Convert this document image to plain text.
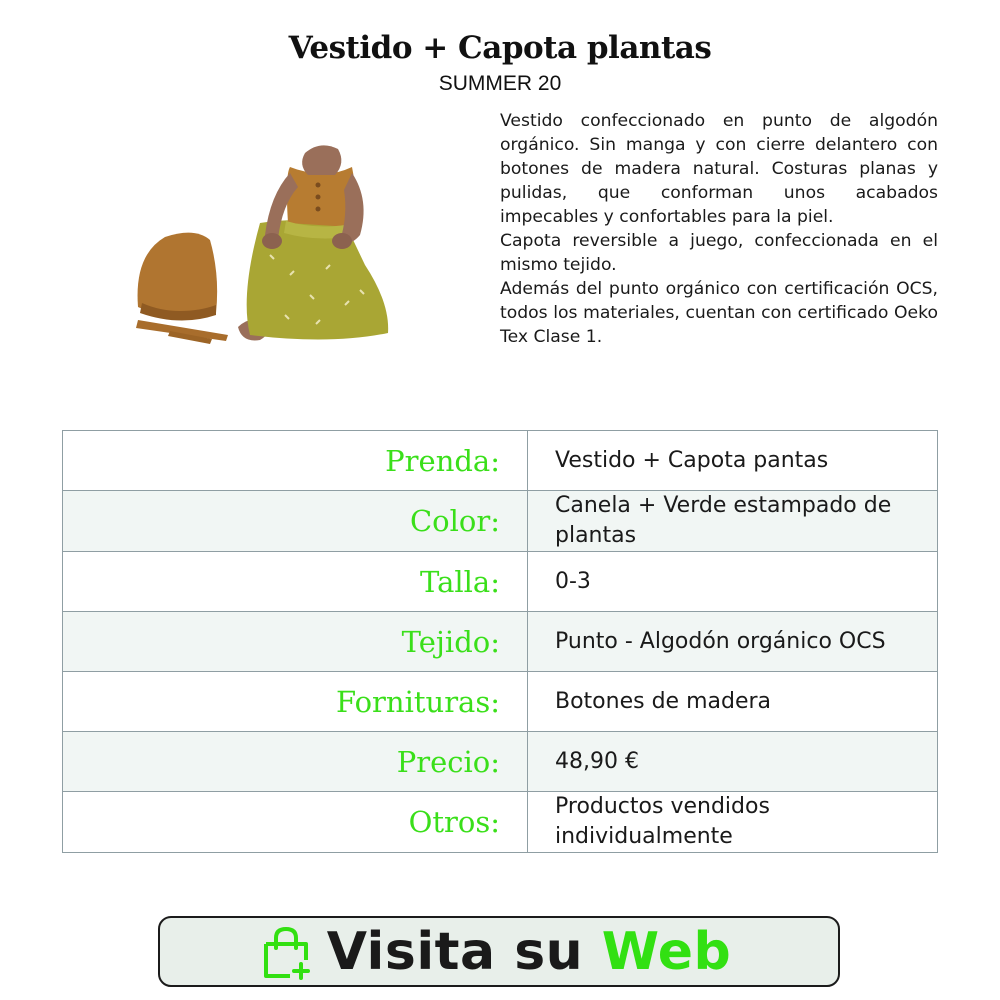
Vestido + Capota plantas
SUMMER 20

Vestido confeccionado en punto de algodón orgánico. Sin manga y con cierre delantero con botones de madera natural. Costuras planas y pulidas, que conforman unos acabados impecables y confortables para la piel.

Capota reversible a juego, confeccionada en el mismo tejido.

Además del punto orgánico con certificación OCS, todos los materiales, cuentan con certificado Oeko Tex Clase 1.

Prenda:	Vestido + Capota pantas
Color:	Canela + Verde estampado de plantas
Talla:	0-3
Tejido:	Punto - Algodón orgánico OCS
Fornituras:	Botones de madera
Precio:	48,90 €
Otros:	Productos vendidos individualmente
Visita su Web
